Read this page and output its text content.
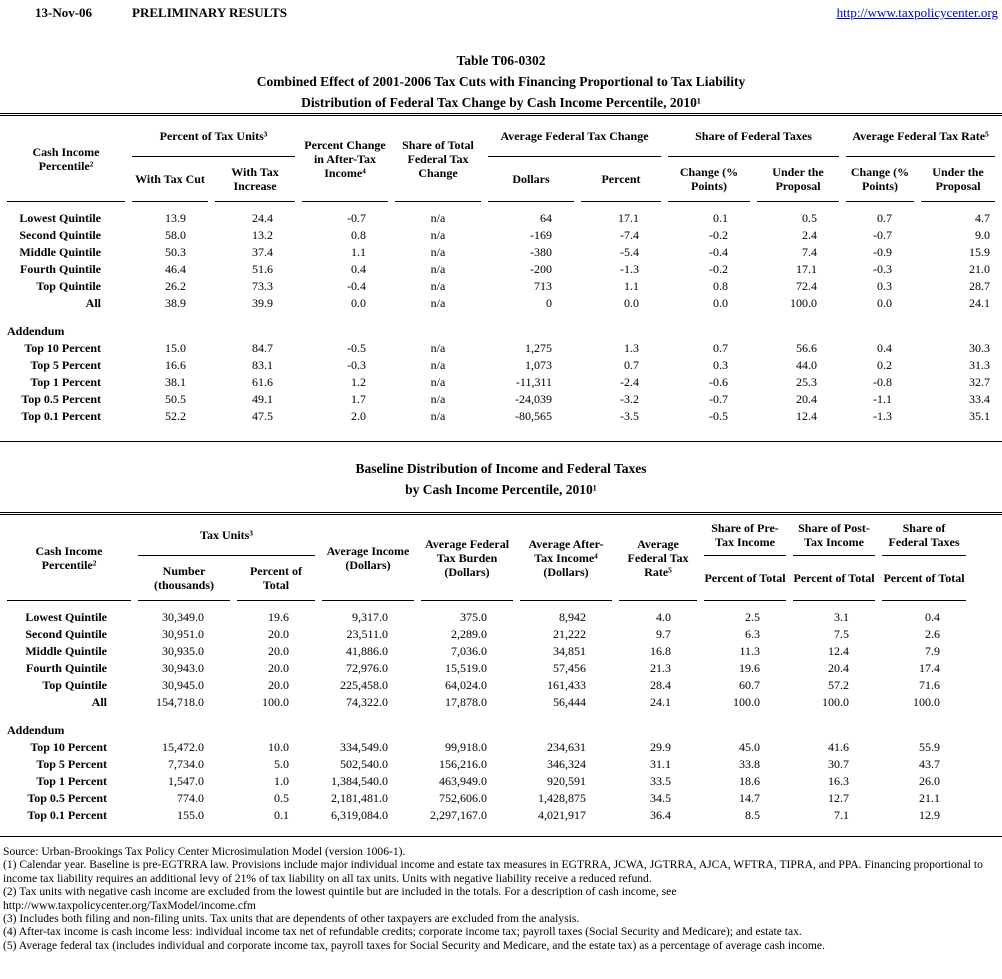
13-Nov-06	PRELIMINARY RESULTS	http://www.taxpolicycenter.org
Table T06-0302
Combined Effect of 2001-2006 Tax Cuts with Financing Proportional to Tax Liability
Distribution of Federal Tax Change by Cash Income Percentile, 2010¹
Cash Income Percentile²	Percent of Tax Units³		Percent Change in After-Tax Income⁴	Share of Total Federal Tax Change	Average Federal Tax Change		Share of Federal Taxes		Average Federal Tax Rate⁵	
	With Tax Cut	With Tax Increase			Dollars	Percent	Change (% Points)	Under the Proposal	Change (% Points)	Under the Proposal

Lowest Quintile	13.9	24.4	-0.7	n/a	64	17.1	0.1	0.5	0.7	4.7
Second Quintile	58.0	13.2	0.8	n/a	-169	-7.4	-0.2	2.4	-0.7	9.0
Middle Quintile	50.3	37.4	1.1	n/a	-380	-5.4	-0.4	7.4	-0.9	15.9
Fourth Quintile	46.4	51.6	0.4	n/a	-200	-1.3	-0.2	17.1	-0.3	21.0
Top Quintile	26.2	73.3	-0.4	n/a	713	1.1	0.8	72.4	0.3	28.7
All	38.9	39.9	0.0	n/a	0	0.0	0.0	100.0	0.0	24.1

Addendum										
Top 10 Percent	15.0	84.7	-0.5	n/a	1,275	1.3	0.7	56.6	0.4	30.3
Top 5 Percent	16.6	83.1	-0.3	n/a	1,073	0.7	0.3	44.0	0.2	31.3
Top 1 Percent	38.1	61.6	1.2	n/a	-11,311	-2.4	-0.6	25.3	-0.8	32.7
Top 0.5 Percent	50.5	49.1	1.7	n/a	-24,039	-3.2	-0.7	20.4	-1.1	33.4
Top 0.1 Percent	52.2	47.5	2.0	n/a	-80,565	-3.5	-0.5	12.4	-1.3	35.1

Baseline Distribution of Income and Federal Taxes
by Cash Income Percentile, 2010¹
Cash Income Percentile²	Tax Units³		Average Income (Dollars)	Average Federal Tax Burden (Dollars)	Average After-Tax Income⁴ (Dollars)	Average Federal Tax Rate⁵	Share of Pre-Tax Income	Share of Post-Tax Income	Share of Federal Taxes	
	Number (thousands)	Percent of Total					Percent of Total	Percent of Total	Percent of Total	

Lowest Quintile	30,349.0	19.6	9,317.0	375.0	8,942	4.0	2.5	3.1	0.4	
Second Quintile	30,951.0	20.0	23,511.0	2,289.0	21,222	9.7	6.3	7.5	2.6	
Middle Quintile	30,935.0	20.0	41,886.0	7,036.0	34,851	16.8	11.3	12.4	7.9	
Fourth Quintile	30,943.0	20.0	72,976.0	15,519.0	57,456	21.3	19.6	20.4	17.4	
Top Quintile	30,945.0	20.0	225,458.0	64,024.0	161,433	28.4	60.7	57.2	71.6	
All	154,718.0	100.0	74,322.0	17,878.0	56,444	24.1	100.0	100.0	100.0	

Addendum										
Top 10 Percent	15,472.0	10.0	334,549.0	99,918.0	234,631	29.9	45.0	41.6	55.9	
Top 5 Percent	7,734.0	5.0	502,540.0	156,216.0	346,324	31.1	33.8	30.7	43.7	
Top 1 Percent	1,547.0	1.0	1,384,540.0	463,949.0	920,591	33.5	18.6	16.3	26.0	
Top 0.5 Percent	774.0	0.5	2,181,481.0	752,606.0	1,428,875	34.5	14.7	12.7	21.1	
Top 0.1 Percent	155.0	0.1	6,319,084.0	2,297,167.0	4,021,917	36.4	8.5	7.1	12.9	

Source: Urban-Brookings Tax Policy Center Microsimulation Model (version 1006-1).
(1) Calendar year. Baseline is pre-EGTRRA law. Provisions include major individual income and estate tax measures in EGTRRA, JCWA, JGTRRA, AJCA, WFTRA, TIPRA, and PPA. Financing proportional to income tax liability requires an additional levy of 21% of tax liability on all tax units. Units with negative liability receive a reduced refund.
(2) Tax units with negative cash income are excluded from the lowest quintile but are included in the totals. For a description of cash income, see
http://www.taxpolicycenter.org/TaxModel/income.cfm
(3) Includes both filing and non-filing units. Tax units that are dependents of other taxpayers are excluded from the analysis.
(4) After-tax income is cash income less: individual income tax net of refundable credits; corporate income tax; payroll taxes (Social Security and Medicare); and estate tax.
(5) Average federal tax (includes individual and corporate income tax, payroll taxes for Social Security and Medicare, and the estate tax) as a percentage of average cash income.
